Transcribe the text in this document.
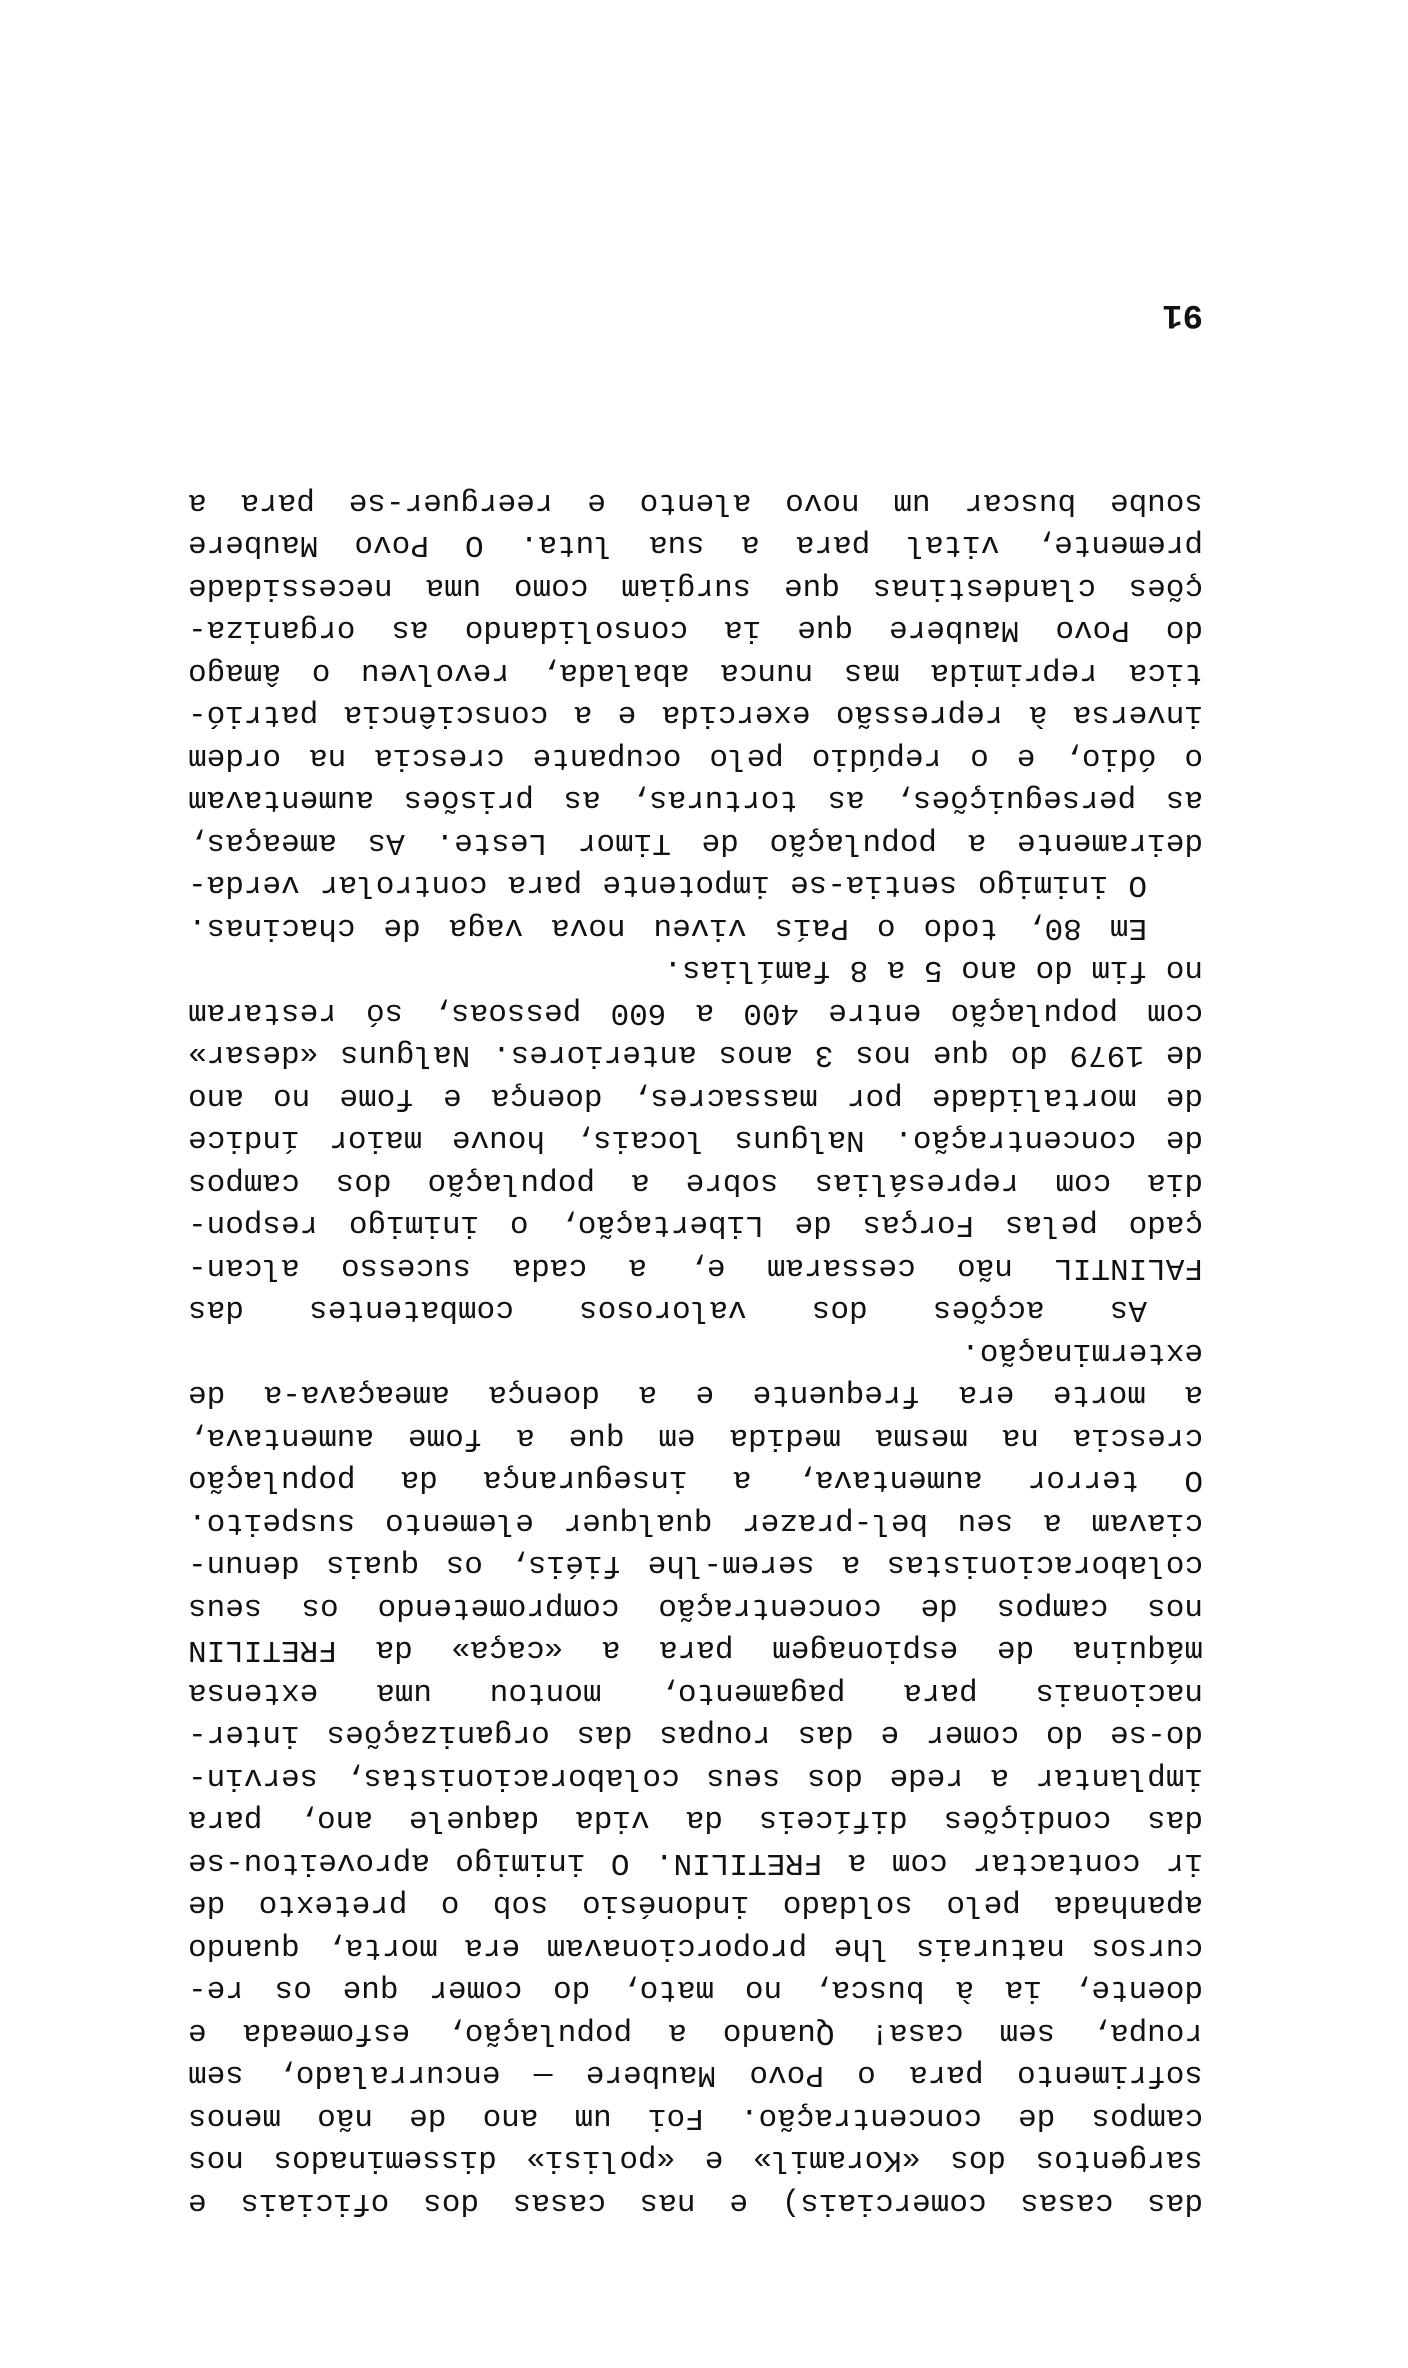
das casas comerciais) e nas casas dos oficiais e
sargentos dos «Koramil» e «polisi» disseminados nos
campos de concentração. Foi um ano de não menos
sofrimento para o Povo Maubere — encurralado, sem
roupa, sem casa! Quando a população, esfomeada e
doente, ia à busca, no mato, do comer que os re-
cursos naturais lhe proporcionavam era morta, quando
apanhada pelo soldado indonésio sob o pretexto de
ir contactar com a FRETILIN. O inimigo aproveitou-se
das condições difíceis da vida daquele ano, para
implantar a rede dos seus colaboracionistas, servin-
do-se do comer e das roupas das organizações inter-
nacionais para pagamento, montou uma extensa
máquina de espionagem para a «caça» da FRETILIN
nos campos de concentração comprometendo os seus
colaboracionistas a serem-lhe fiéis, os quais denun-
ciavam a seu bel-prazer qualquer elemento suspeito.
O terror aumentava, a insegurança da população
crescia na mesma medida em que a fome aumentava,
a morte era frequente e a doença ameaçava-a de
exterminação.
As acções dos valorosos combatentes das
FALINTIL não cessaram e, a cada sucesso alcan-
çado pelas Forças de Libertação, o inimigo respon-
dia com represálias sobre a população dos campos
de concentração. Nalguns locais, houve maior índice
de mortalidade por massacres, doença e fome no ano
de 1979 do que nos 3 anos anteriores. Nalguns «desar»
com população entre 400 a 600 pessoas, só restaram
no fim do ano 5 a 8 famílias.
Em 80, todo o País viveu nova vaga de chacinas.
O inimigo sentia-se impotente para controlar verda-
deiramente a população de Timor Leste. As ameaças,
as perseguições, as torturas, as prisões aumentavam
o ódio, e o repúdio pelo ocupante crescia na ordem
inversa à repressão exercida e a consciência patrió-
tica reprimida mas nunca abalada, revolveu o âmago
do Povo Maubere que ia consolidando as organiza-
ções clandestinas que surgiam como uma necessidade
premente, vital para a sua luta. O Povo Maubere
soube buscar um novo alento e reerguer-se para a
91
